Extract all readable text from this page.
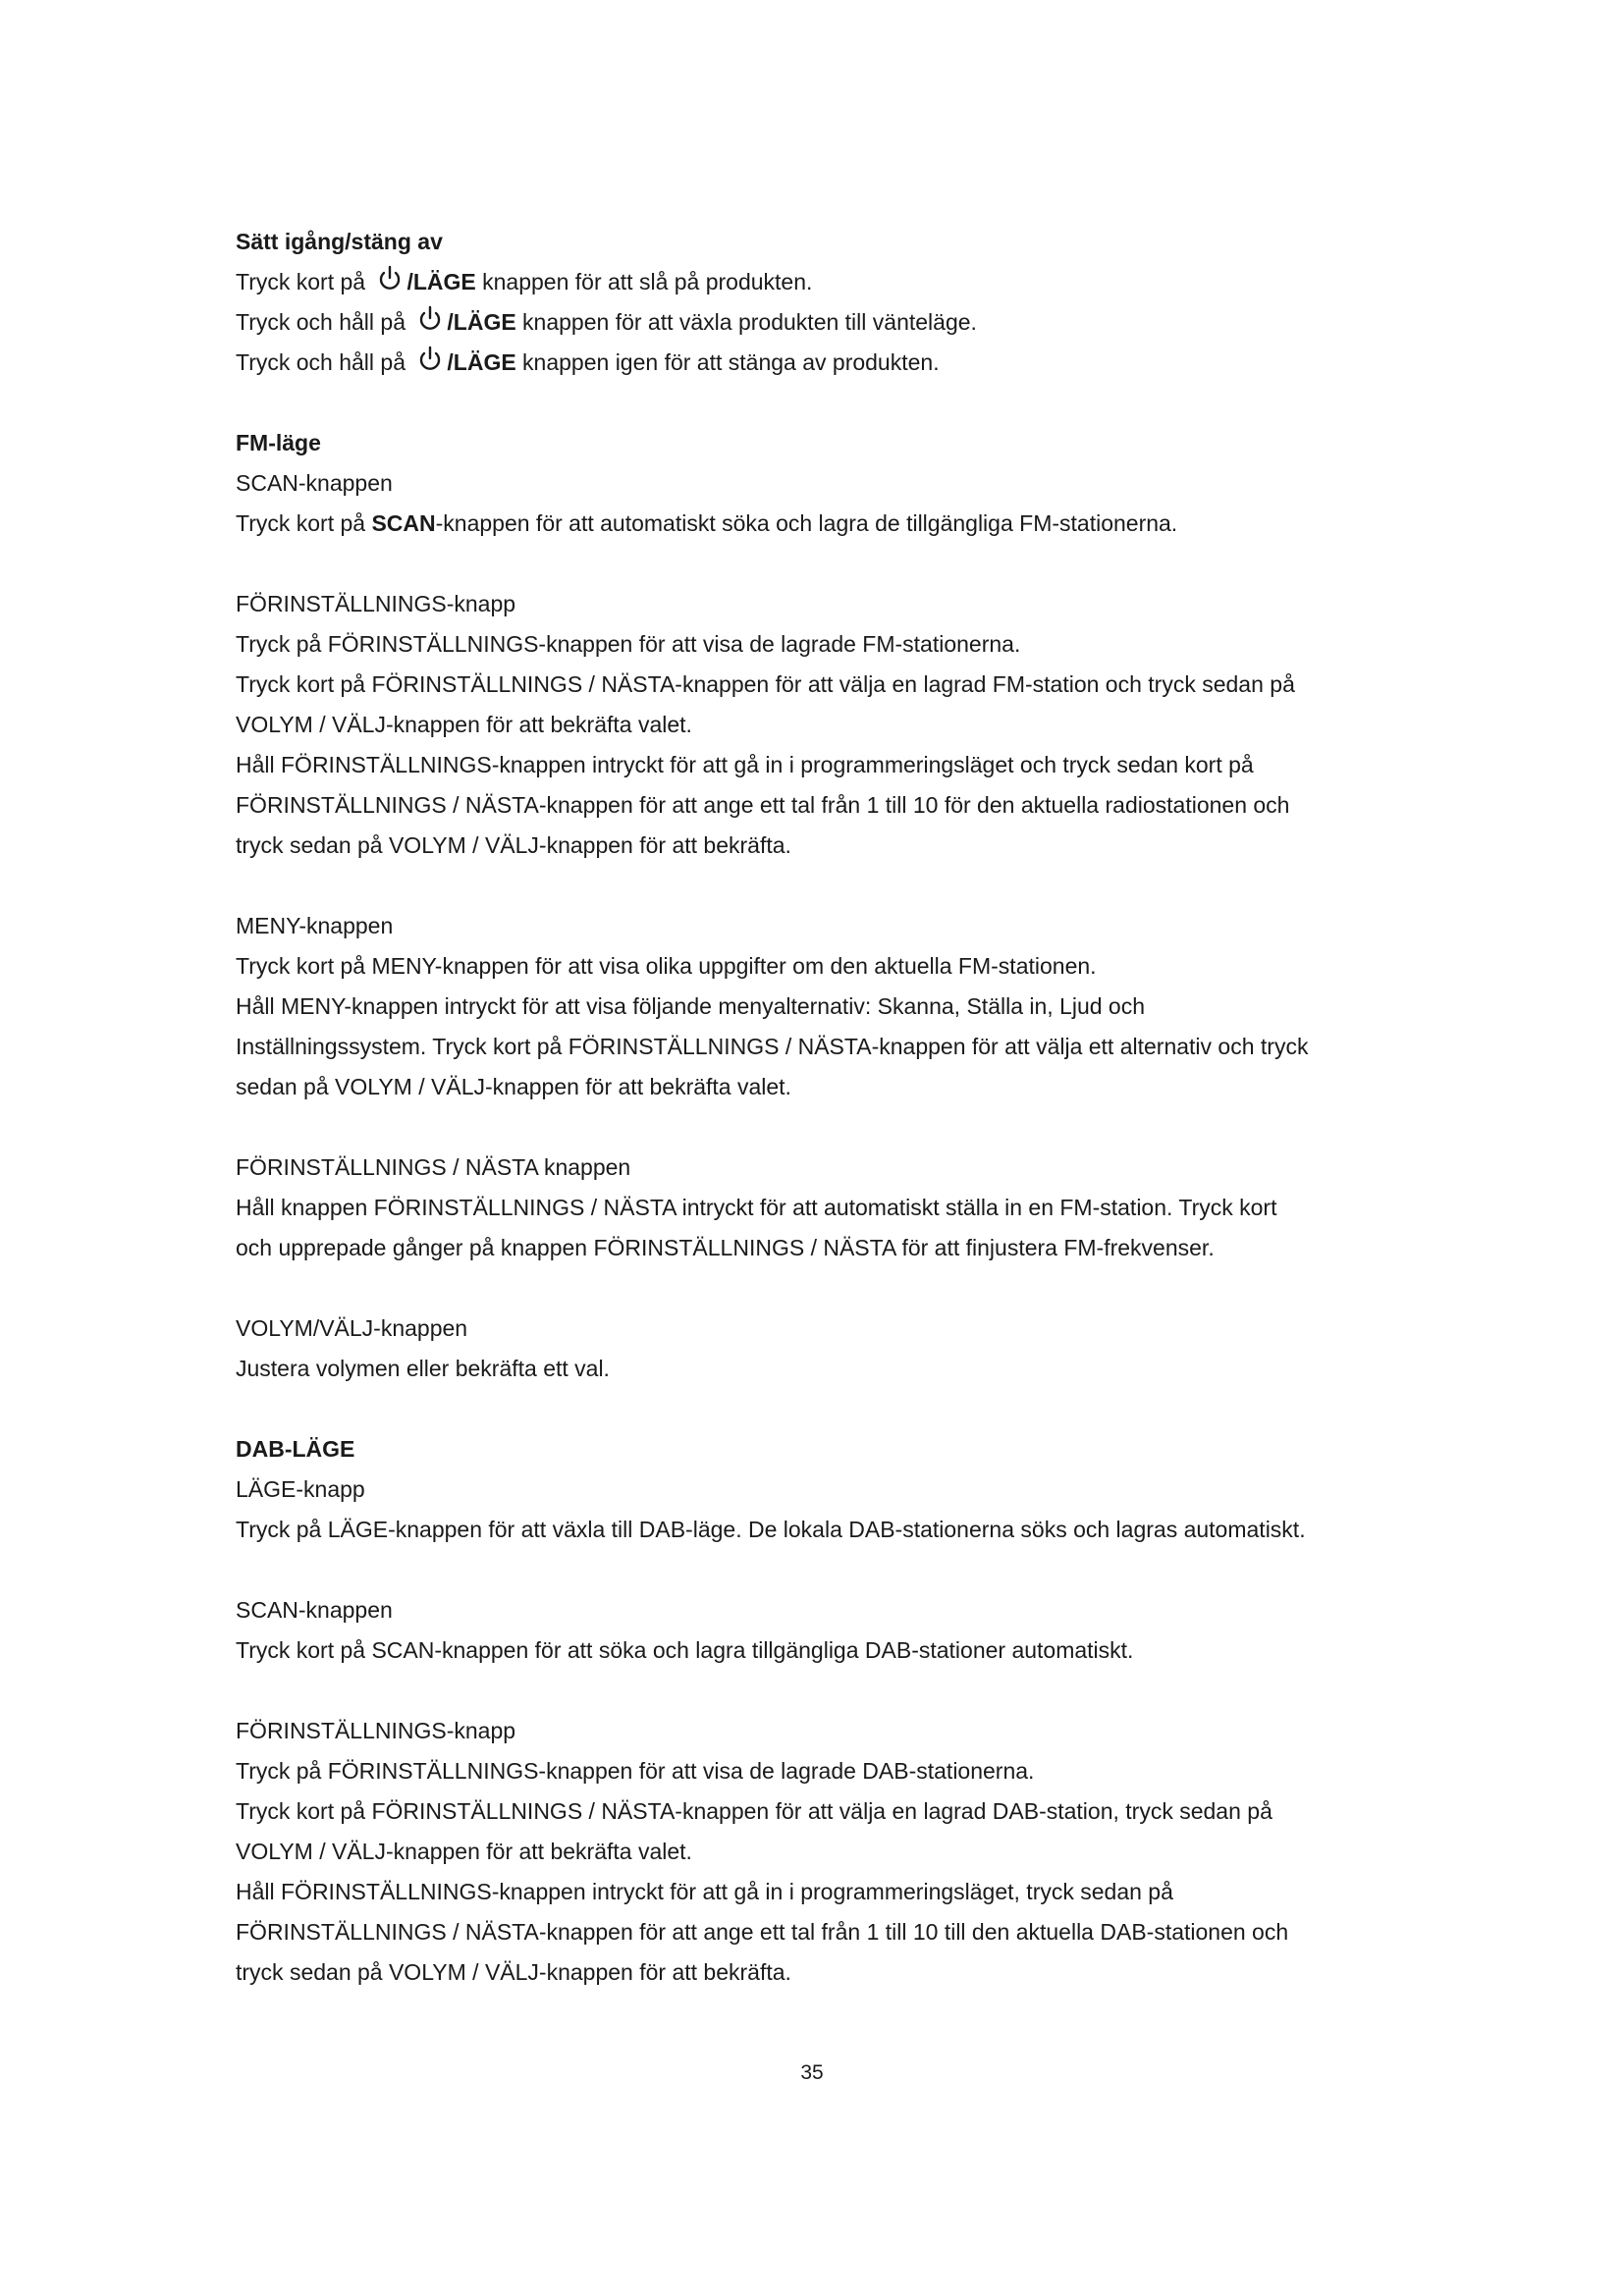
Sätt igång/stäng av

Tryck kort på
/LÄGE knappen för att slå på produkten.

Tryck och håll på
/LÄGE knappen för att växla produkten till vänteläge.

Tryck och håll på
/LÄGE knappen igen för att stänga av produkten.

FM-läge

SCAN-knappen

Tryck kort på SCAN-knappen för att automatiskt söka och lagra de tillgängliga FM-stationerna.

FÖRINSTÄLLNINGS-knapp

Tryck på FÖRINSTÄLLNINGS-knappen för att visa de lagrade FM-stationerna.

Tryck kort på FÖRINSTÄLLNINGS / NÄSTA-knappen för att välja en lagrad FM-station och tryck sedan på

VOLYM / VÄLJ-knappen för att bekräfta valet.

Håll FÖRINSTÄLLNINGS-knappen intryckt för att gå in i programmeringsläget och tryck sedan kort på

FÖRINSTÄLLNINGS / NÄSTA-knappen för att ange ett tal från 1 till 10 för den aktuella radiostationen och

tryck sedan på VOLYM / VÄLJ-knappen för att bekräfta.

MENY-knappen

Tryck kort på MENY-knappen för att visa olika uppgifter om den aktuella FM-stationen.

Håll MENY-knappen intryckt för att visa följande menyalternativ: Skanna, Ställa in, Ljud och

Inställningssystem. Tryck kort på FÖRINSTÄLLNINGS / NÄSTA-knappen för att välja ett alternativ och tryck

sedan på VOLYM / VÄLJ-knappen för att bekräfta valet.

FÖRINSTÄLLNINGS / NÄSTA knappen

Håll knappen FÖRINSTÄLLNINGS / NÄSTA intryckt för att automatiskt ställa in en FM-station. Tryck kort

och upprepade gånger på knappen FÖRINSTÄLLNINGS / NÄSTA för att finjustera FM-frekvenser.

VOLYM/VÄLJ-knappen

Justera volymen eller bekräfta ett val.

DAB-LÄGE

LÄGE-knapp

Tryck på LÄGE-knappen för att växla till DAB-läge. De lokala DAB-stationerna söks och lagras automatiskt.

SCAN-knappen

Tryck kort på SCAN-knappen för att söka och lagra tillgängliga DAB-stationer automatiskt.

FÖRINSTÄLLNINGS-knapp

Tryck på FÖRINSTÄLLNINGS-knappen för att visa de lagrade DAB-stationerna.

Tryck kort på FÖRINSTÄLLNINGS / NÄSTA-knappen för att välja en lagrad DAB-station, tryck sedan på

VOLYM / VÄLJ-knappen för att bekräfta valet.

Håll FÖRINSTÄLLNINGS-knappen intryckt för att gå in i programmeringsläget, tryck sedan på

FÖRINSTÄLLNINGS / NÄSTA-knappen för att ange ett tal från 1 till 10 till den aktuella DAB-stationen och

tryck sedan på VOLYM / VÄLJ-knappen för att bekräfta.

35
